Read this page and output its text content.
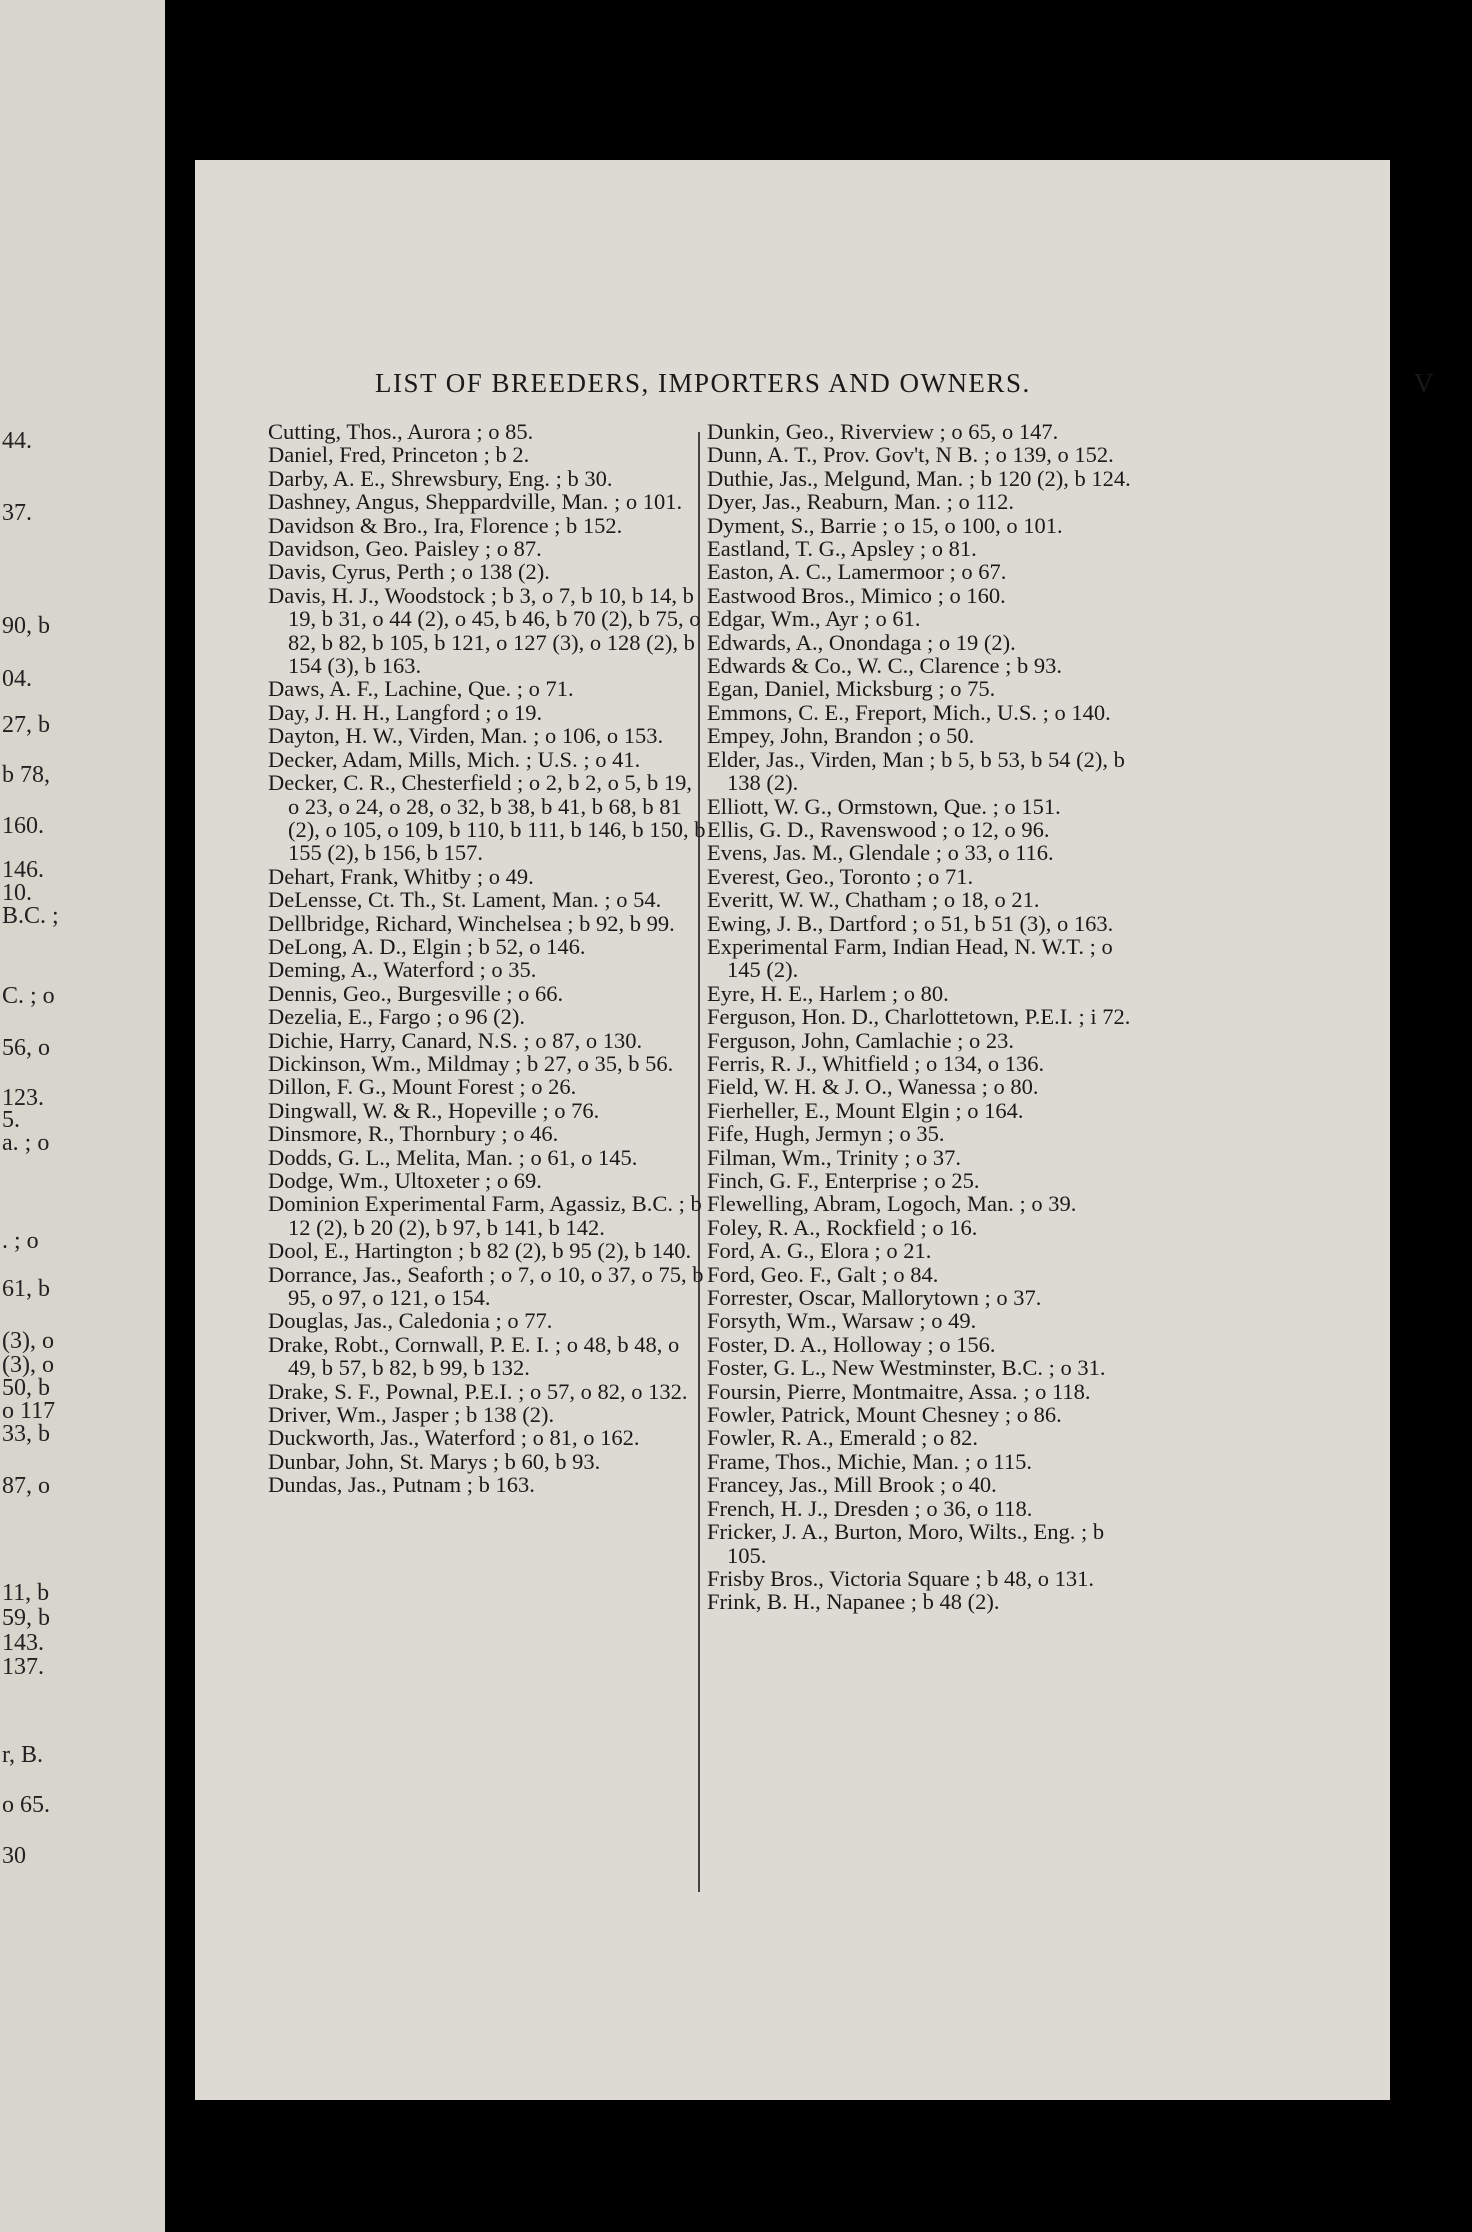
44.
37.
90, b
04.
27, b
b 78,
160.
146.
10.
B.C. ;
C. ; o
56, o
123.
5.
a. ; o
. ; o
61, b
(3), o
(3), o
50, b
o 117
33, b
87, o
11, b
59, b
143.
137.
r, B.
o 65.
30
LIST OF BREEDERS, IMPORTERS AND OWNERS.	V

Cutting, Thos., Aurora ; o 85.

Daniel, Fred, Princeton ; b 2.

Darby, A. E., Shrewsbury, Eng. ; b 30.

Dashney, Angus, Sheppardville, Man. ; o 101.

Davidson & Bro., Ira, Florence ; b 152.

Davidson, Geo. Paisley ; o 87.

Davis, Cyrus, Perth ; o 138 (2).

Davis, H. J., Woodstock ; b 3, o 7, b 10, b 14, b 19, b 31, o 44 (2), o 45, b 46, b 70 (2), b 75, o 82, b 82, b 105, b 121, o 127 (3), o 128 (2), b 154 (3), b 163.

Daws, A. F., Lachine, Que. ; o 71.

Day, J. H. H., Langford ; o 19.

Dayton, H. W., Virden, Man. ; o 106, o 153.

Decker, Adam, Mills, Mich. ; U.S. ; o 41.

Decker, C. R., Chesterfield ; o 2, b 2, o 5, b 19, o 23, o 24, o 28, o 32, b 38, b 41, b 68, b 81 (2), o 105, o 109, b 110, b 111, b 146, b 150, b 155 (2), b 156, b 157.

Dehart, Frank, Whitby ; o 49.

DeLensse, Ct. Th., St. Lament, Man. ; o 54.

Dellbridge, Richard, Winchelsea ; b 92, b 99.

DeLong, A. D., Elgin ; b 52, o 146.

Deming, A., Waterford ; o 35.

Dennis, Geo., Burgesville ; o 66.

Dezelia, E., Fargo ; o 96 (2).

Dichie, Harry, Canard, N.S. ; o 87, o 130.

Dickinson, Wm., Mildmay ; b 27, o 35, b 56.

Dillon, F. G., Mount Forest ; o 26.

Dingwall, W. & R., Hopeville ; o 76.

Dinsmore, R., Thornbury ; o 46.

Dodds, G. L., Melita, Man. ; o 61, o 145.

Dodge, Wm., Ultoxeter ; o 69.

Dominion Experimental Farm, Agassiz, B.C. ; b 12 (2), b 20 (2), b 97, b 141, b 142.

Dool, E., Hartington ; b 82 (2), b 95 (2), b 140.

Dorrance, Jas., Seaforth ; o 7, o 10, o 37, o 75, b 95, o 97, o 121, o 154.

Douglas, Jas., Caledonia ; o 77.

Drake, Robt., Cornwall, P. E. I. ; o 48, b 48, o 49, b 57, b 82, b 99, b 132.

Drake, S. F., Pownal, P.E.I. ; o 57, o 82, o 132.

Driver, Wm., Jasper ; b 138 (2).

Duckworth, Jas., Waterford ; o 81, o 162.

Dunbar, John, St. Marys ; b 60, b 93.

Dundas, Jas., Putnam ; b 163.

Dunkin, Geo., Riverview ; o 65, o 147.

Dunn, A. T., Prov. Gov't, N B. ; o 139, o 152.

Duthie, Jas., Melgund, Man. ; b 120 (2), b 124.

Dyer, Jas., Reaburn, Man. ; o 112.

Dyment, S., Barrie ; o 15, o 100, o 101.

Eastland, T. G., Apsley ; o 81.

Easton, A. C., Lamermoor ; o 67.

Eastwood Bros., Mimico ; o 160.

Edgar, Wm., Ayr ; o 61.

Edwards, A., Onondaga ; o 19 (2).

Edwards & Co., W. C., Clarence ; b 93.

Egan, Daniel, Micksburg ; o 75.

Emmons, C. E., Freport, Mich., U.S. ; o 140.

Empey, John, Brandon ; o 50.

Elder, Jas., Virden, Man ; b 5, b 53, b 54 (2), b 138 (2).

Elliott, W. G., Ormstown, Que. ; o 151.

Ellis, G. D., Ravenswood ; o 12, o 96.

Evens, Jas. M., Glendale ; o 33, o 116.

Everest, Geo., Toronto ; o 71.

Everitt, W. W., Chatham ; o 18, o 21.

Ewing, J. B., Dartford ; o 51, b 51 (3), o 163.

Experimental Farm, Indian Head, N. W.T. ; o 145 (2).

Eyre, H. E., Harlem ; o 80.

Ferguson, Hon. D., Charlottetown, P.E.I. ; i 72.

Ferguson, John, Camlachie ; o 23.

Ferris, R. J., Whitfield ; o 134, o 136.

Field, W. H. & J. O., Wanessa ; o 80.

Fierheller, E., Mount Elgin ; o 164.

Fife, Hugh, Jermyn ; o 35.

Filman, Wm., Trinity ; o 37.

Finch, G. F., Enterprise ; o 25.

Flewelling, Abram, Logoch, Man. ; o 39.

Foley, R. A., Rockfield ; o 16.

Ford, A. G., Elora ; o 21.

Ford, Geo. F., Galt ; o 84.

Forrester, Oscar, Mallorytown ; o 37.

Forsyth, Wm., Warsaw ; o 49.

Foster, D. A., Holloway ; o 156.

Foster, G. L., New Westminster, B.C. ; o 31.

Foursin, Pierre, Montmaitre, Assa. ; o 118.

Fowler, Patrick, Mount Chesney ; o 86.

Fowler, R. A., Emerald ; o 82.

Frame, Thos., Michie, Man. ; o 115.

Francey, Jas., Mill Brook ; o 40.

French, H. J., Dresden ; o 36, o 118.

Fricker, J. A., Burton, Moro, Wilts., Eng. ; b 105.

Frisby Bros., Victoria Square ; b 48, o 131.

Frink, B. H., Napanee ; b 48 (2).
